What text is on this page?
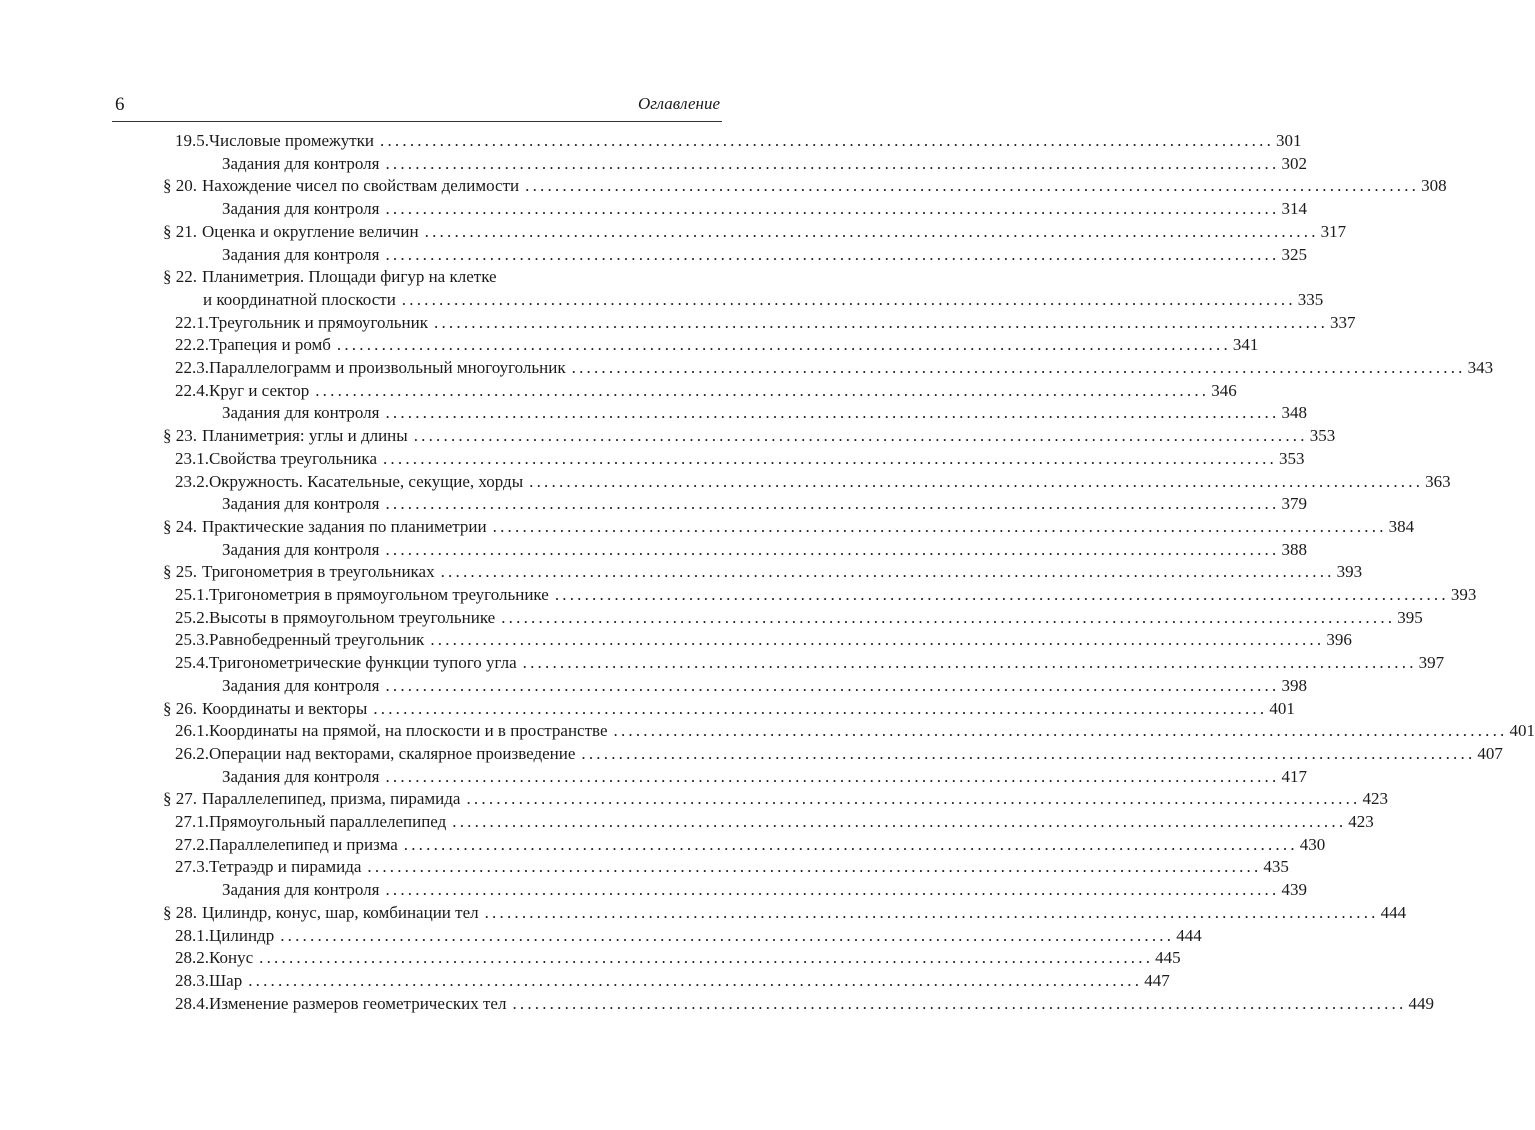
6	Оглавление
19.5. Числовые промежутки ........................................................................................................................ 301
Задания для контроля ........................................................................................................................ 302
§ 20. Нахождение чисел по свойствам делимости ........................................................................................................................ 308
Задания для контроля ........................................................................................................................ 314
§ 21. Оценка и округление величин ........................................................................................................................ 317
Задания для контроля ........................................................................................................................ 325
§ 22. Планиметрия. Площади фигур на клетке
и координатной плоскости ........................................................................................................................ 335
22.1. Треугольник и прямоугольник ........................................................................................................................ 337
22.2. Трапеция и ромб ........................................................................................................................ 341
22.3. Параллелограмм и произвольный многоугольник ........................................................................................................................ 343
22.4. Круг и сектор ........................................................................................................................ 346
Задания для контроля ........................................................................................................................ 348
§ 23. Планиметрия: углы и длины ........................................................................................................................ 353
23.1. Свойства треугольника ........................................................................................................................ 353
23.2. Окружность. Касательные, секущие, хорды ........................................................................................................................ 363
Задания для контроля ........................................................................................................................ 379
§ 24. Практические задания по планиметрии ........................................................................................................................ 384
Задания для контроля ........................................................................................................................ 388
§ 25. Тригонометрия в треугольниках ........................................................................................................................ 393
25.1. Тригонометрия в прямоугольном треугольнике ........................................................................................................................ 393
25.2. Высоты в прямоугольном треугольнике ........................................................................................................................ 395
25.3. Равнобедренный треугольник ........................................................................................................................ 396
25.4. Тригонометрические функции тупого угла ........................................................................................................................ 397
Задания для контроля ........................................................................................................................ 398
§ 26. Координаты и векторы ........................................................................................................................ 401
26.1. Координаты на прямой, на плоскости и в пространстве ........................................................................................................................ 401
26.2. Операции над векторами, скалярное произведение ........................................................................................................................ 407
Задания для контроля ........................................................................................................................ 417
§ 27. Параллелепипед, призма, пирамида ........................................................................................................................ 423
27.1. Прямоугольный параллелепипед ........................................................................................................................ 423
27.2. Параллелепипед и призма ........................................................................................................................ 430
27.3. Тетраэдр и пирамида ........................................................................................................................ 435
Задания для контроля ........................................................................................................................ 439
§ 28. Цилиндр, конус, шар, комбинации тел ........................................................................................................................ 444
28.1. Цилиндр ........................................................................................................................ 444
28.2. Конус ........................................................................................................................ 445
28.3. Шар ........................................................................................................................ 447
28.4. Изменение размеров геометрических тел ........................................................................................................................ 449
